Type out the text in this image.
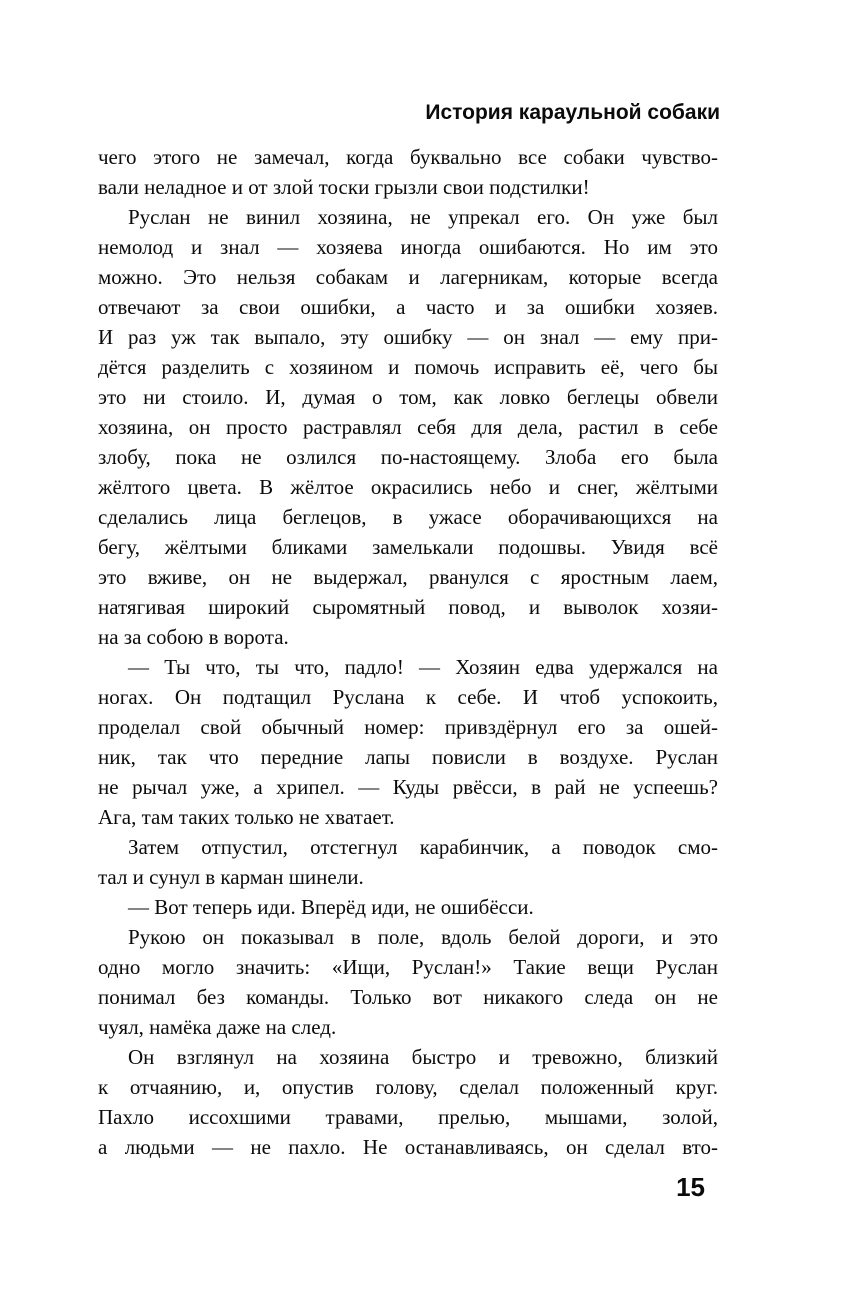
История караульной собаки
чего этого не замечал, когда буквально все собаки чувство-
вали неладное и от злой тоски грызли свои подстилки!
Руслан не винил хозяина, не упрекал его. Он уже был
немолод и знал — хозяева иногда ошибаются. Но им это
можно. Это нельзя собакам и лагерникам, которые всегда
отвечают за свои ошибки, а часто и за ошибки хозяев.
И раз уж так выпало, эту ошибку — он знал — ему при-
дётся разделить с хозяином и помочь исправить её, чего бы
это ни стоило. И, думая о том, как ловко беглецы обвели
хозяина, он просто растравлял себя для дела, растил в себе
злобу, пока не озлился по-настоящему. Злоба его была
жёлтого цвета. В жёлтое окрасились небо и снег, жёлтыми
сделались лица беглецов, в ужасе оборачивающихся на
бегу, жёлтыми бликами замелькали подошвы. Увидя всё
это вживе, он не выдержал, рванулся с яростным лаем,
натягивая широкий сыромятный повод, и выволок хозяи-
на за собою в ворота.
— Ты что, ты что, падло! — Хозяин едва удержался на
ногах. Он подтащил Руслана к себе. И чтоб успокоить,
проделал свой обычный номер: привздёрнул его за ошей-
ник, так что передние лапы повисли в воздухе. Руслан
не рычал уже, а хрипел. — Куды рвёсси, в рай не успеешь?
Ага, там таких только не хватает.
Затем отпустил, отстегнул карабинчик, а поводок смо-
тал и сунул в карман шинели.
— Вот теперь иди. Вперёд иди, не ошибёсси.
Рукою он показывал в поле, вдоль белой дороги, и это
одно могло значить: «Ищи, Руслан!» Такие вещи Руслан
понимал без команды. Только вот никакого следа он не
чуял, намёка даже на след.
Он взглянул на хозяина быстро и тревожно, близкий
к отчаянию, и, опустив голову, сделал положенный круг.
Пахло иссохшими травами, прелью, мышами, золой,
а людьми — не пахло. Не останавливаясь, он сделал вто-
15
